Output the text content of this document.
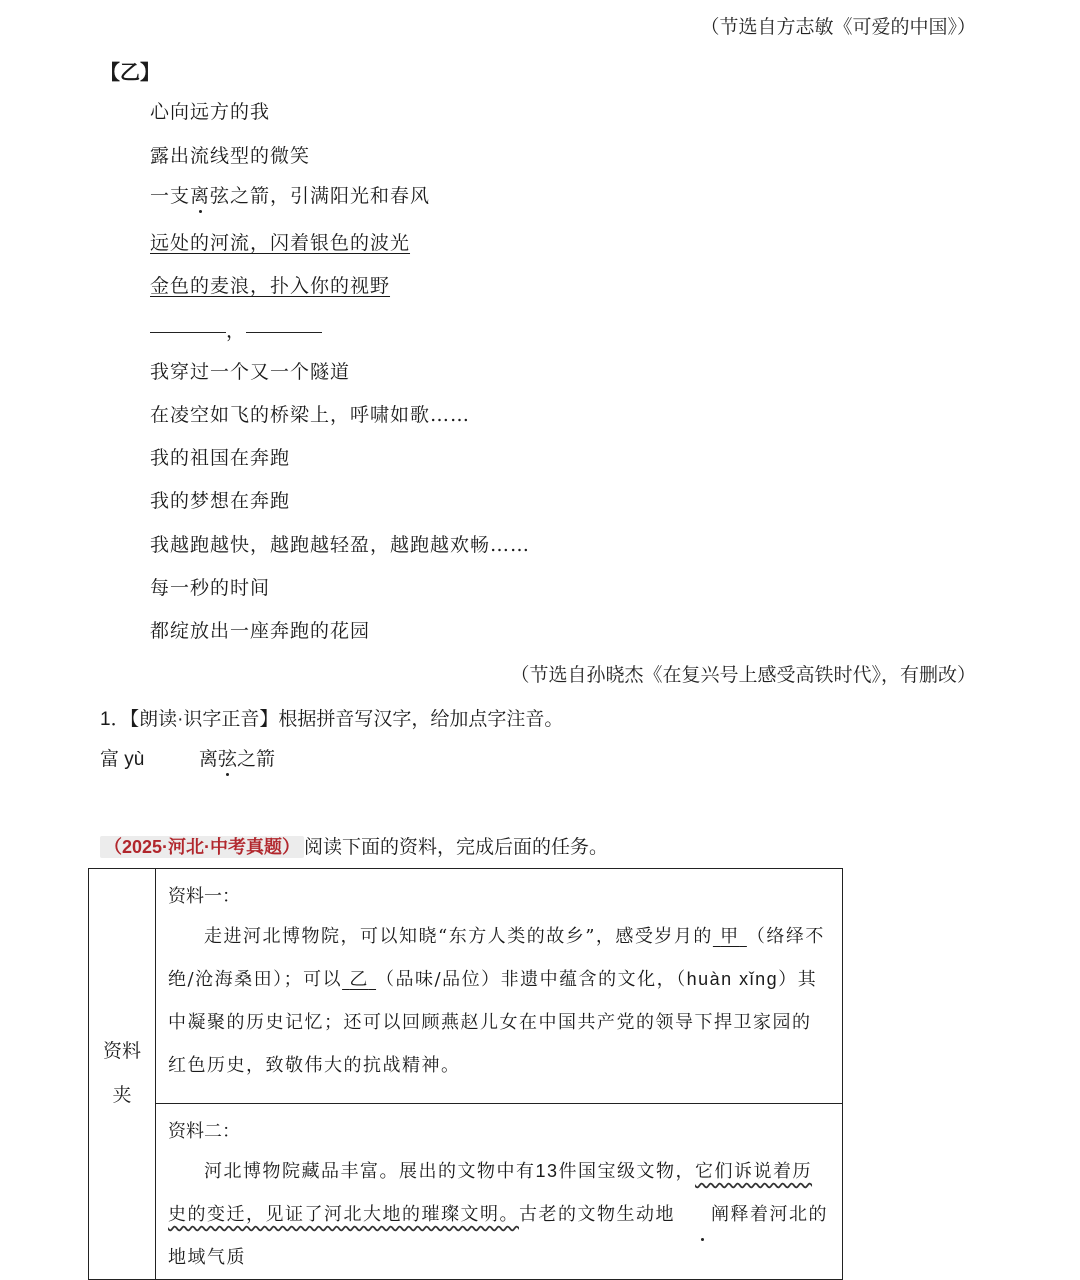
（节选自方志敏《可爱的中国》）
【乙】
心向远方的我
露出流线型的微笑
一支离弦之箭，引满阳光和春风
远处的河流，闪着银色的波光
金色的麦浪，扑入你的视野
，
我穿过一个又一个隧道
在凌空如飞的桥梁上，呼啸如歌……
我的祖国在奔跑
我的梦想在奔跑
我越跑越快，越跑越轻盈，越跑越欢畅……
每一秒的时间
都绽放出一座奔跑的花园
（节选自孙晓杰《在复兴号上感受高铁时代》，有删改）
1．【朗读·识字正音】根据拼音写汉字，给加点字注音。
富 yù	离弦之箭
（2025·河北·中考真题） 阅读下面的资料，完成后面的任务。
资料
夹	
资料一：

走进河北博物院，可以知晓“东方人类的故乡”，感受岁月的 甲 （络绎不绝/沧海桑田）；可以 乙 （品味/品位）非遗中蕴含的文化，（huàn xǐng）其中凝聚的历史记忆；还可以回顾燕赵儿女在中国共产党的领导下捍卫家园的红色历史，致敬伟大的抗战精神。

资料二：

河北博物院藏品丰富。展出的文物中有13件国宝级文物，它们诉说着历史的变迁，见证了河北大地的璀璨文明。古老的文物生动地 阐释着河北的地域气质
